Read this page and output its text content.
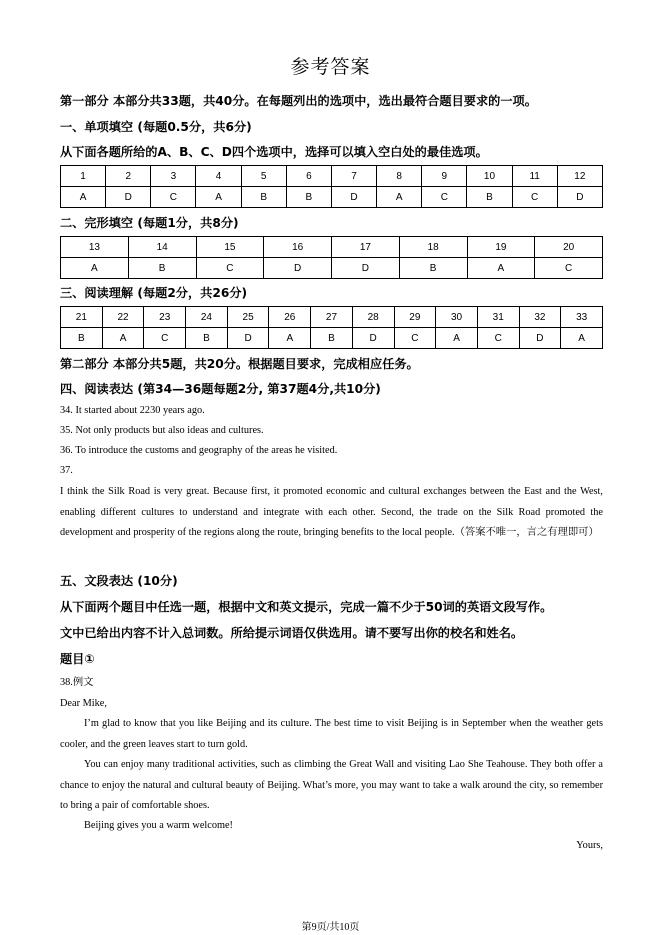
参考答案
第一部分 本部分共33题，共40分。在每题列出的选项中，选出最符合题目要求的一项。
一、单项填空 (每题0.5分，共6分)
从下面各题所给的A、B、C、D四个选项中，选择可以填入空白处的最佳选项。
1	2	3	4	5	6	7	8	9	10	11	12
A	D	C	A	B	B	D	A	C	B	C	D
二、完形填空 (每题1分，共8分)
13	14	15	16	17	18	19	20
A	B	C	D	D	B	A	C
三、阅读理解 (每题2分，共26分)
21	22	23	24	25	26	27	28	29	30	31	32	33
B	A	C	B	D	A	B	D	C	A	C	D	A
第二部分 本部分共5题，共20分。根据题目要求，完成相应任务。
四、阅读表达 (第34—36题每题2分, 第37题4分,共10分)
34. It started about 2230 years ago.
35. Not only products but also ideas and cultures.
36. To introduce the customs and geography of the areas he visited.
37.
I think the Silk Road is very great. Because first, it promoted economic and cultural exchanges between the East and the West, enabling different cultures to understand and integrate with each other. Second, the trade on the Silk Road promoted the development and prosperity of the regions along the route, bringing benefits to the local people.（答案不唯一，言之有理即可）
五、文段表达 (10分)
从下面两个题目中任选一题，根据中文和英文提示，完成一篇不少于50词的英语文段写作。
文中已给出内容不计入总词数。所给提示词语仅供选用。请不要写出你的校名和姓名。
题目①
38.例文
Dear Mike,
I’m glad to know that you like Beijing and its culture. The best time to visit Beijing is in September when the weather gets cooler, and the green leaves start to turn gold.
You can enjoy many traditional activities, such as climbing the Great Wall and visiting Lao She Teahouse. They both offer a chance to enjoy the natural and cultural beauty of Beijing. What’s more, you may want to take a walk around the city, so remember to bring a pair of comfortable shoes.
Beijing gives you a warm welcome!
Yours,
第9页/共10页
